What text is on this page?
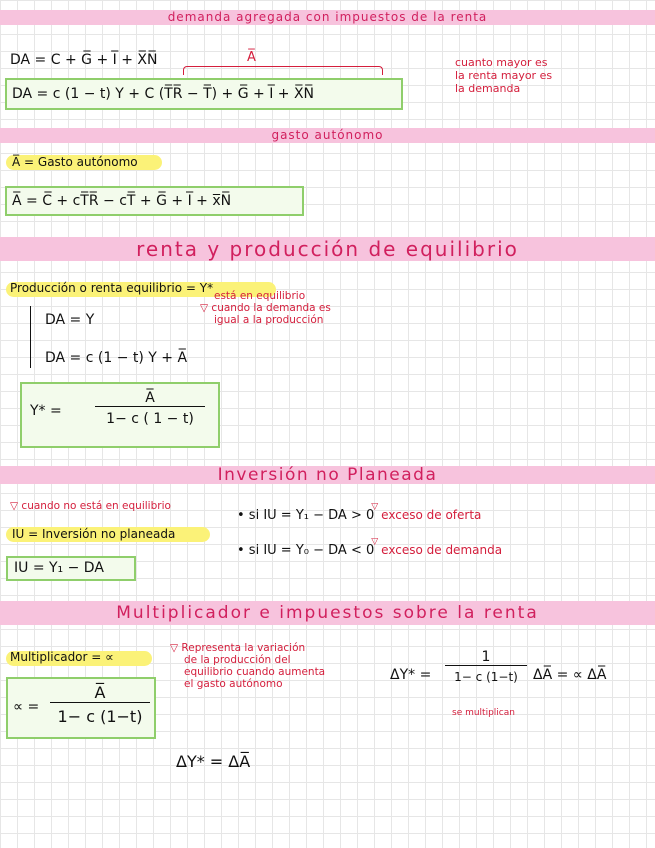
demanda agregada con impuestos de la renta
DA = C + G̅ + I̅ + X̅N̅	A̅
DA = c (1 − t) Y + C (T̅R̅ − T̅) + G̅ + I̅ + X̅N̅
cuanto mayor es
la renta mayor es
la demanda
gasto autónomo
A̅ = Gasto autónomo
A̅ = C̅ + cT̅R̅ − cT̅ + G̅ + I̅ + x̅N̅
renta y producción de equilibrio
Producción o renta equilibrio = Y*
está en equilibrio
▽ cuando la demanda es
igual a la producción
DA = Y
DA = c (1 − t) Y + A̅
Y* =
A̅
1− c ( 1 − t)
Inversión no Planeada
▽ cuando no está en equilibrio
IU = Inversión no planeada
IU = Y₁ − DA
• si IU = Y₁ − DA > 0▽exceso de oferta
• si IU = Y₀ − DA < 0▽exceso de demanda
Multiplicador e impuestos sobre la renta
Multiplicador = ∝
▽ Representa la variación
de la producción del
equilibrio cuando aumenta
el gasto autónomo
∝ =
A̅
1− c (1−t)
ΔY* =
1
1− c (1−t)	ΔA̅ = ∝ ΔA̅
se multiplican
ΔY* = ΔA̅
